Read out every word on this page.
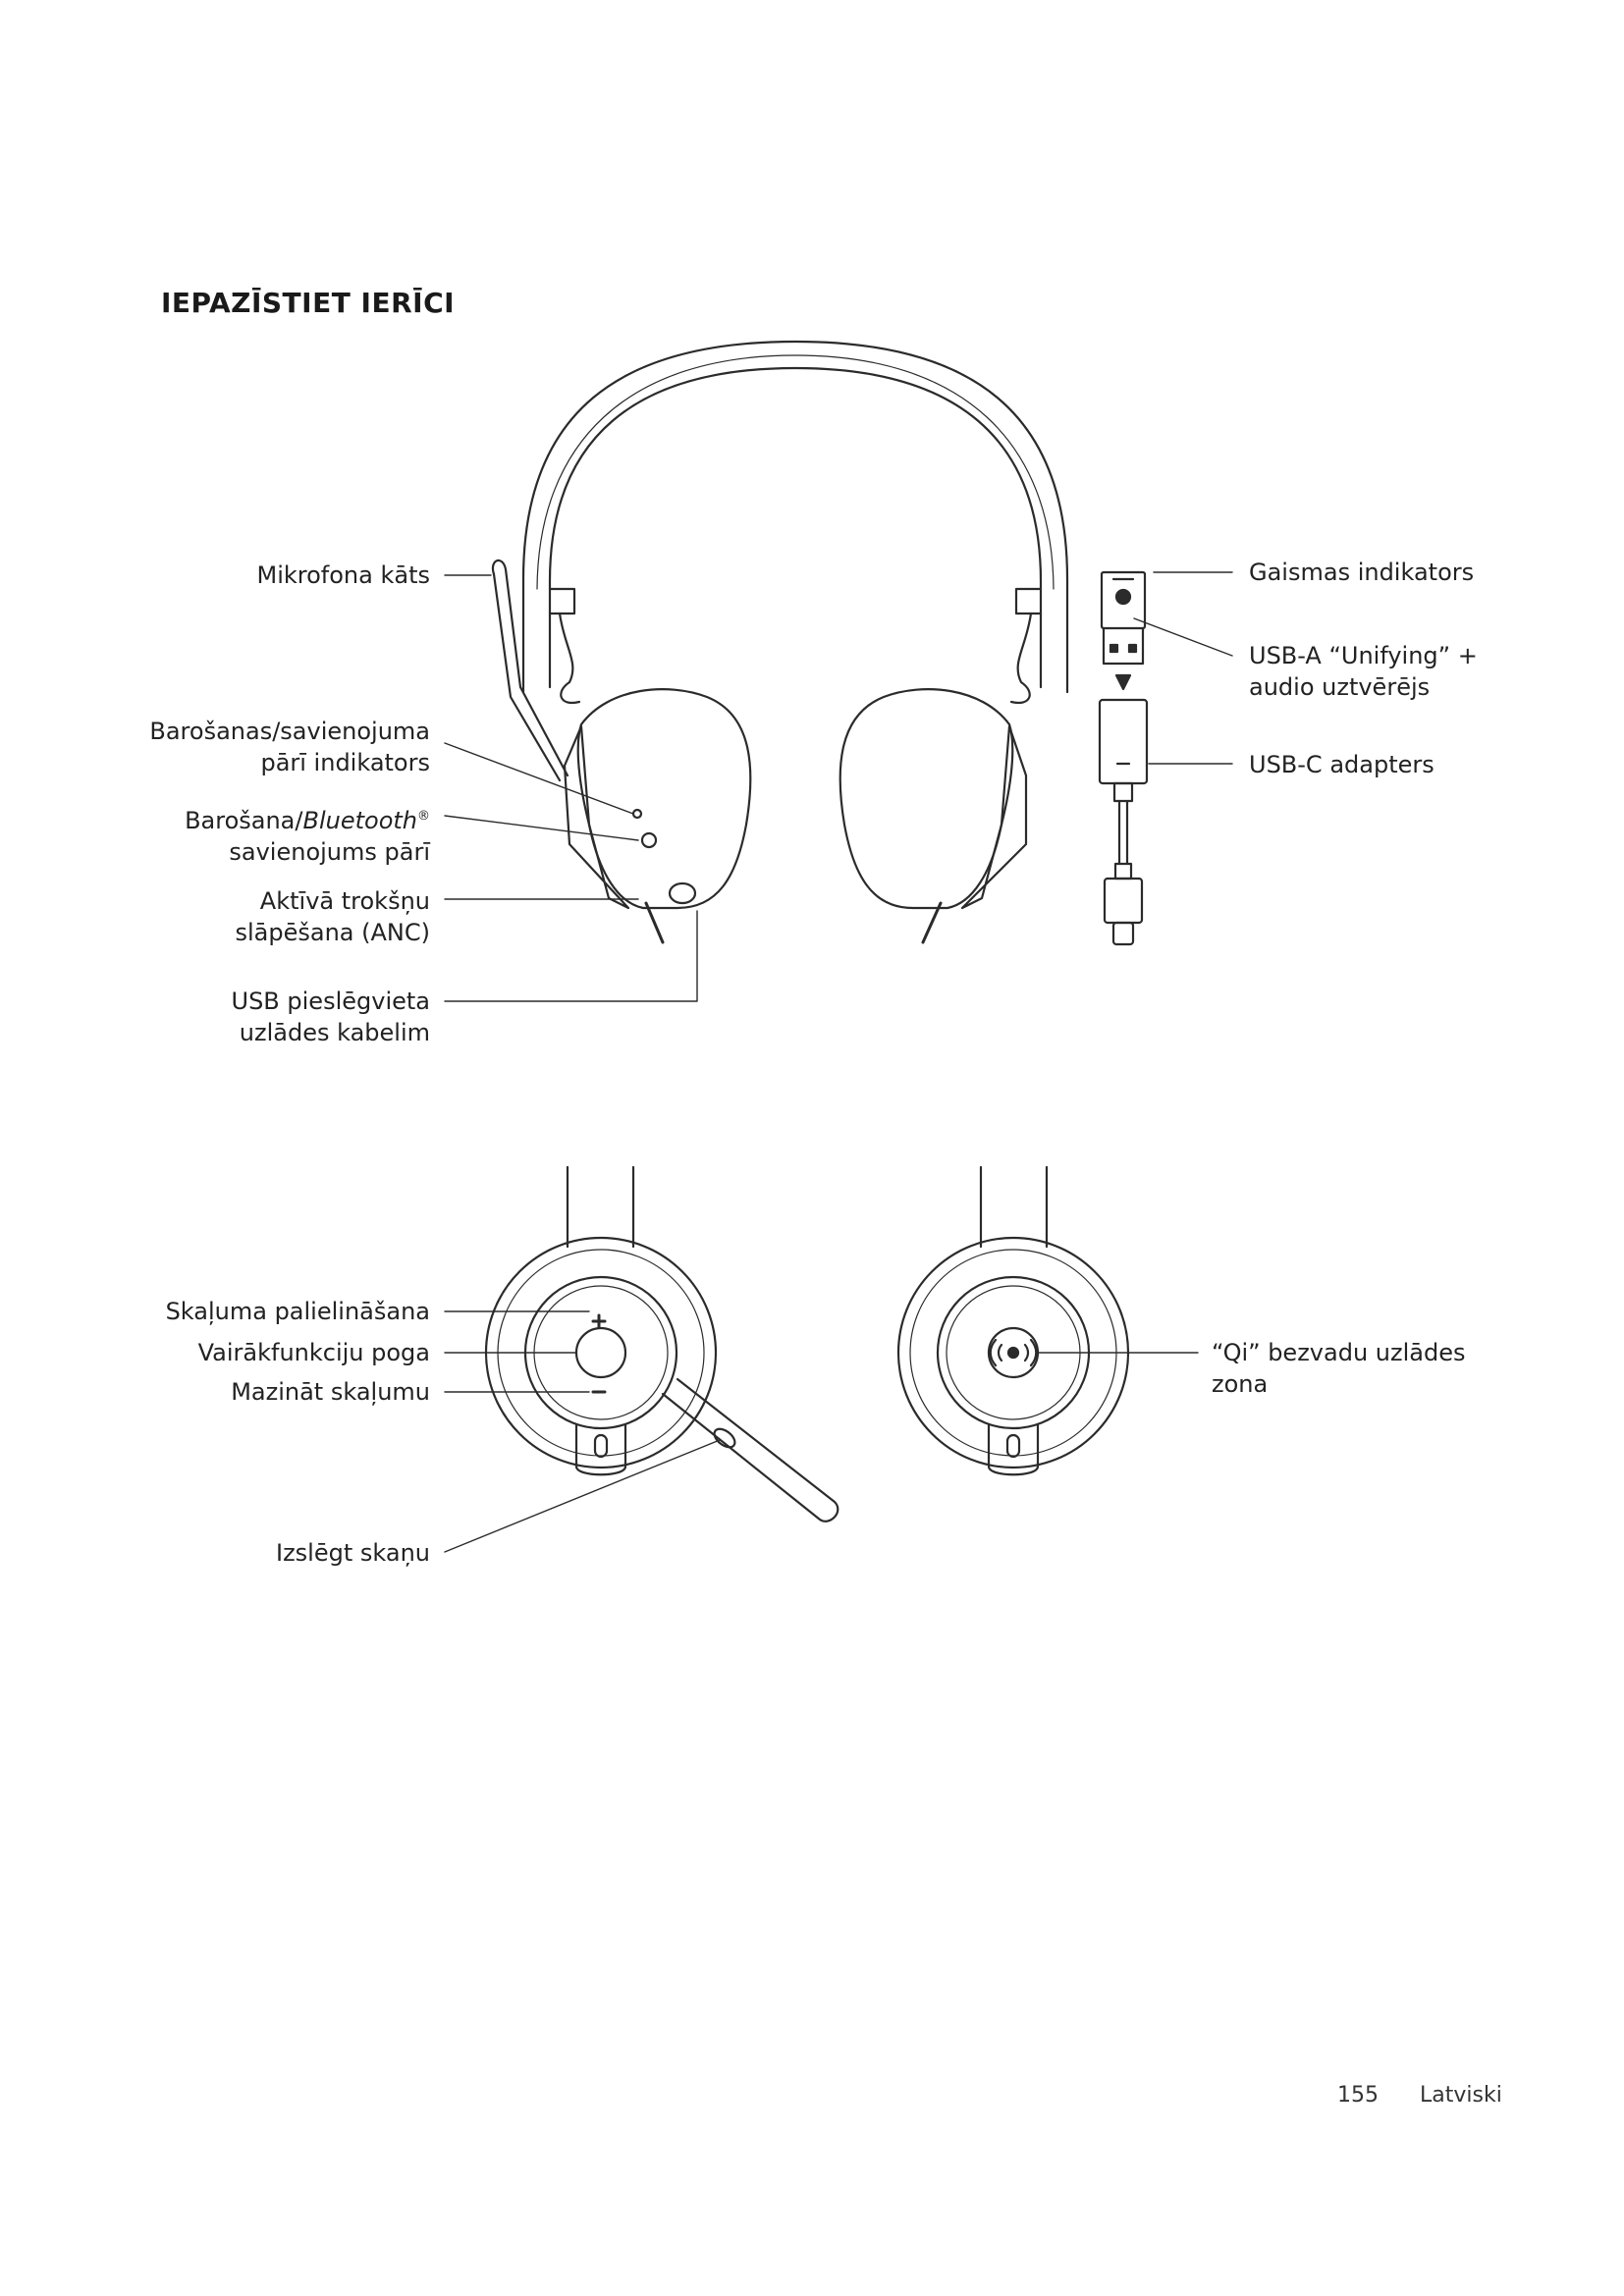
IEPAZĪSTIET IERĪCI
Mikrofona kāts
Barošanas/savienojuma
pārī indikators
Barošana/Bluetooth®
savienojums pārī
Aktīvā trokšņu
slāpēšana (ANC)
USB pieslēgvieta
uzlādes kabelim
Gaismas indikators
USB-A “Unifying” +
audio uztvērējs
USB-C adapters
Skaļuma palielināšana
Vairākfunkciju poga
Mazināt skaļumu
Izslēgt skaņu
“Qi” bezvadu uzlādes
zona
155 Latviski
